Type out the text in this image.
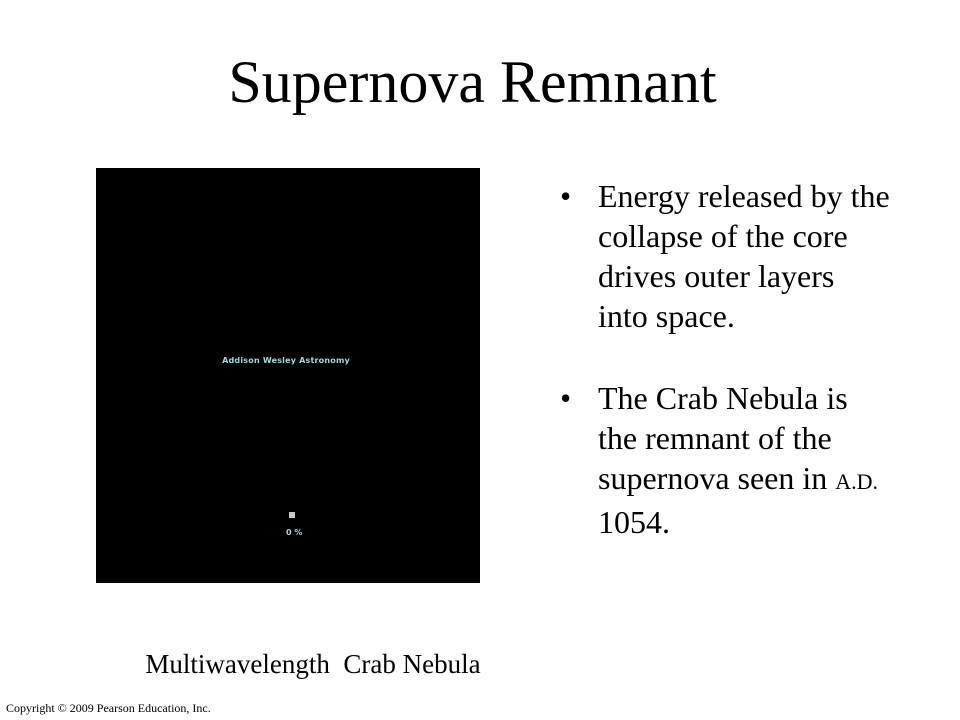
Supernova Remnant
Addison Wesley Astronomy
0 %
• Energy released by the collapse of the core drives outer layers into space.
• The Crab Nebula is the remnant of the supernova seen in A.D. 1054.
Multiwavelength  Crab Nebula
Copyright © 2009 Pearson Education, Inc.
